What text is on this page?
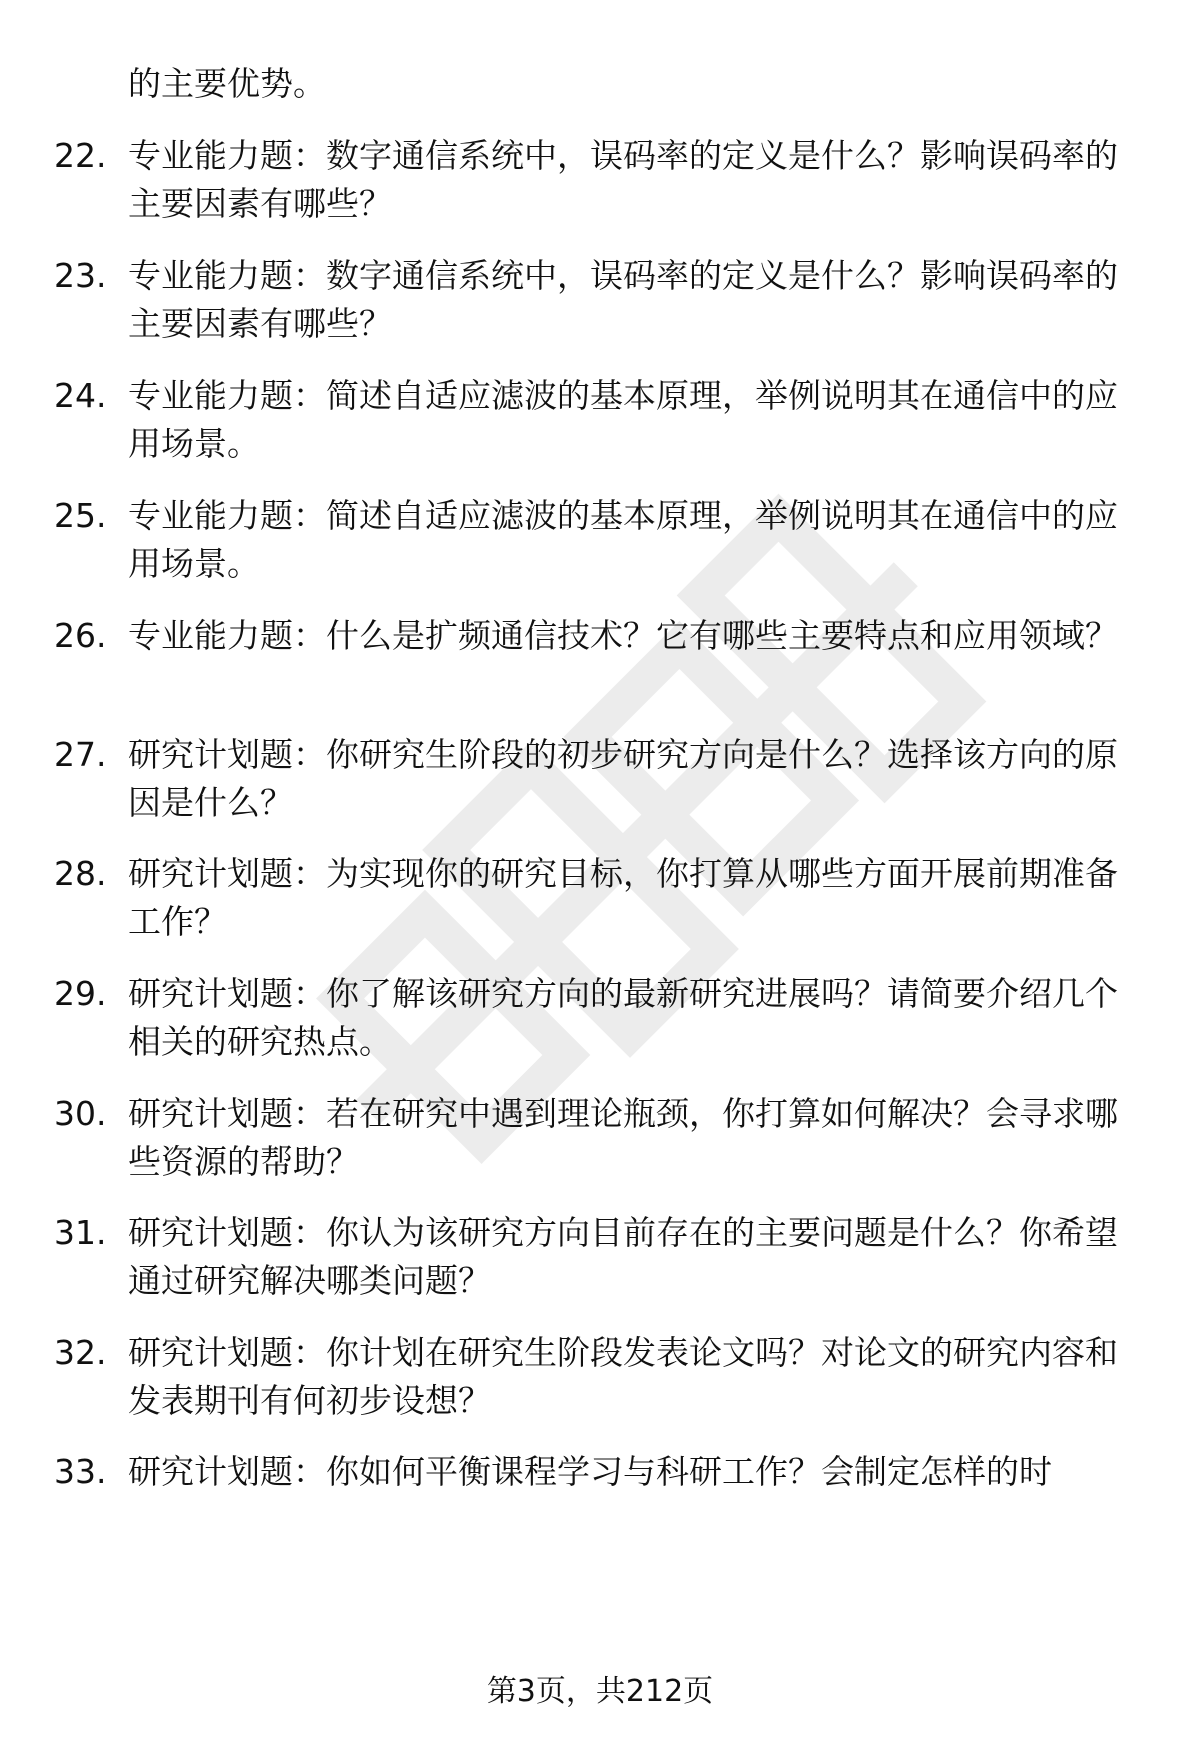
的主要优势。
22. 专业能力题：数字通信系统中，误码率的定义是什么？影响误码率的主要因素有哪些？
23. 专业能力题：数字通信系统中，误码率的定义是什么？影响误码率的主要因素有哪些？
24. 专业能力题：简述自适应滤波的基本原理，举例说明其在通信中的应用场景。
25. 专业能力题：简述自适应滤波的基本原理，举例说明其在通信中的应用场景。
26. 专业能力题：什么是扩频通信技术？它有哪些主要特点和应用领域？
27. 研究计划题：你研究生阶段的初步研究方向是什么？选择该方向的原因是什么？
28. 研究计划题：为实现你的研究目标，你打算从哪些方面开展前期准备工作？
29. 研究计划题：你了解该研究方向的最新研究进展吗？请简要介绍几个相关的研究热点。
30. 研究计划题：若在研究中遇到理论瓶颈，你打算如何解决？会寻求哪些资源的帮助？
31. 研究计划题：你认为该研究方向目前存在的主要问题是什么？你希望通过研究解决哪类问题？
32. 研究计划题：你计划在研究生阶段发表论文吗？对论文的研究内容和发表期刊有何初步设想？
33. 研究计划题：你如何平衡课程学习与科研工作？会制定怎样的时
第3页，共212页
